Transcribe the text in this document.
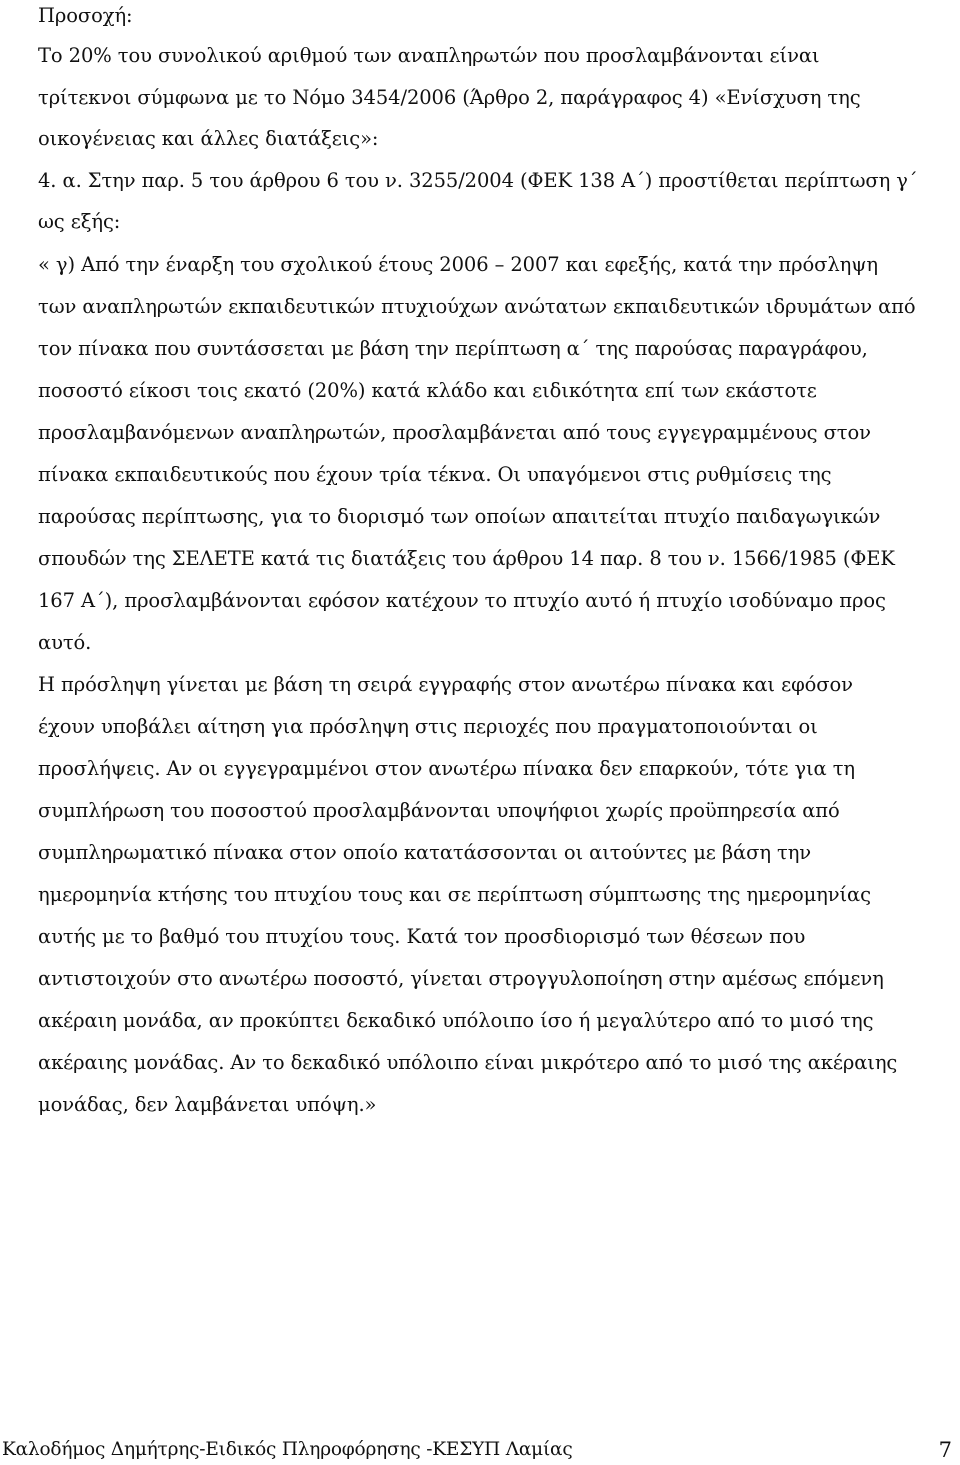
Προσοχή:
Το 20% του συνολικού αριθμού των αναπληρωτών που προσλαμβάνονται είναι
τρίτεκνοι σύμφωνα με το Νόμο 3454/2006 (Άρθρο 2, παράγραφος 4) «Ενίσχυση της
οικογένειας και άλλες διατάξεις»:
4. α. Στην παρ. 5 του άρθρου 6 του ν. 3255/2004 (ΦΕΚ 138 Α΄) προστίθεται περίπτωση γ΄
ως εξής:
« γ) Από την έναρξη του σχολικού έτους 2006 – 2007 και εφεξής, κατά την πρόσληψη
των αναπληρωτών εκπαιδευτικών πτυχιούχων ανώτατων εκπαιδευτικών ιδρυμάτων από
τον πίνακα που συντάσσεται με βάση την περίπτωση α΄ της παρούσας παραγράφου,
ποσοστό είκοσι τοις εκατό (20%) κατά κλάδο και ειδικότητα επί των εκάστοτε
προσλαμβανόμενων αναπληρωτών, προσλαμβάνεται από τους εγγεγραμμένους στον
πίνακα εκπαιδευτικούς που έχουν τρία τέκνα. Οι υπαγόμενοι στις ρυθμίσεις της
παρούσας περίπτωσης, για το διορισμό των οποίων απαιτείται πτυχίο παιδαγωγικών
σπουδών της ΣΕΛΕΤΕ κατά τις διατάξεις του άρθρου 14 παρ. 8 του ν. 1566/1985 (ΦΕΚ
167 Α΄), προσλαμβάνονται εφόσον κατέχουν το πτυχίο αυτό ή πτυχίο ισοδύναμο προς
αυτό.
Η πρόσληψη γίνεται με βάση τη σειρά εγγραφής στον ανωτέρω πίνακα και εφόσον
έχουν υποβάλει αίτηση για πρόσληψη στις περιοχές που πραγματοποιούνται οι
προσλήψεις. Αν οι εγγεγραμμένοι στον ανωτέρω πίνακα δεν επαρκούν, τότε για τη
συμπλήρωση του ποσοστού προσλαμβάνονται υποψήφιοι χωρίς προϋπηρεσία από
συμπληρωματικό πίνακα στον οποίο κατατάσσονται οι αιτούντες με βάση την
ημερομηνία κτήσης του πτυχίου τους και σε περίπτωση σύμπτωσης της ημερομηνίας
αυτής με το βαθμό του πτυχίου τους. Κατά τον προσδιορισμό των θέσεων που
αντιστοιχούν στο ανωτέρω ποσοστό, γίνεται στρογγυλοποίηση στην αμέσως επόμενη
ακέραιη μονάδα, αν προκύπτει δεκαδικό υπόλοιπο ίσο ή μεγαλύτερο από το μισό της
ακέραιης μονάδας. Αν το δεκαδικό υπόλοιπο είναι μικρότερο από το μισό της ακέραιης
μονάδας, δεν λαμβάνεται υπόψη.»
Καλοδήμος Δημήτρης-Ειδικός Πληροφόρησης -ΚΕΣΥΠ Λαμίας	7
